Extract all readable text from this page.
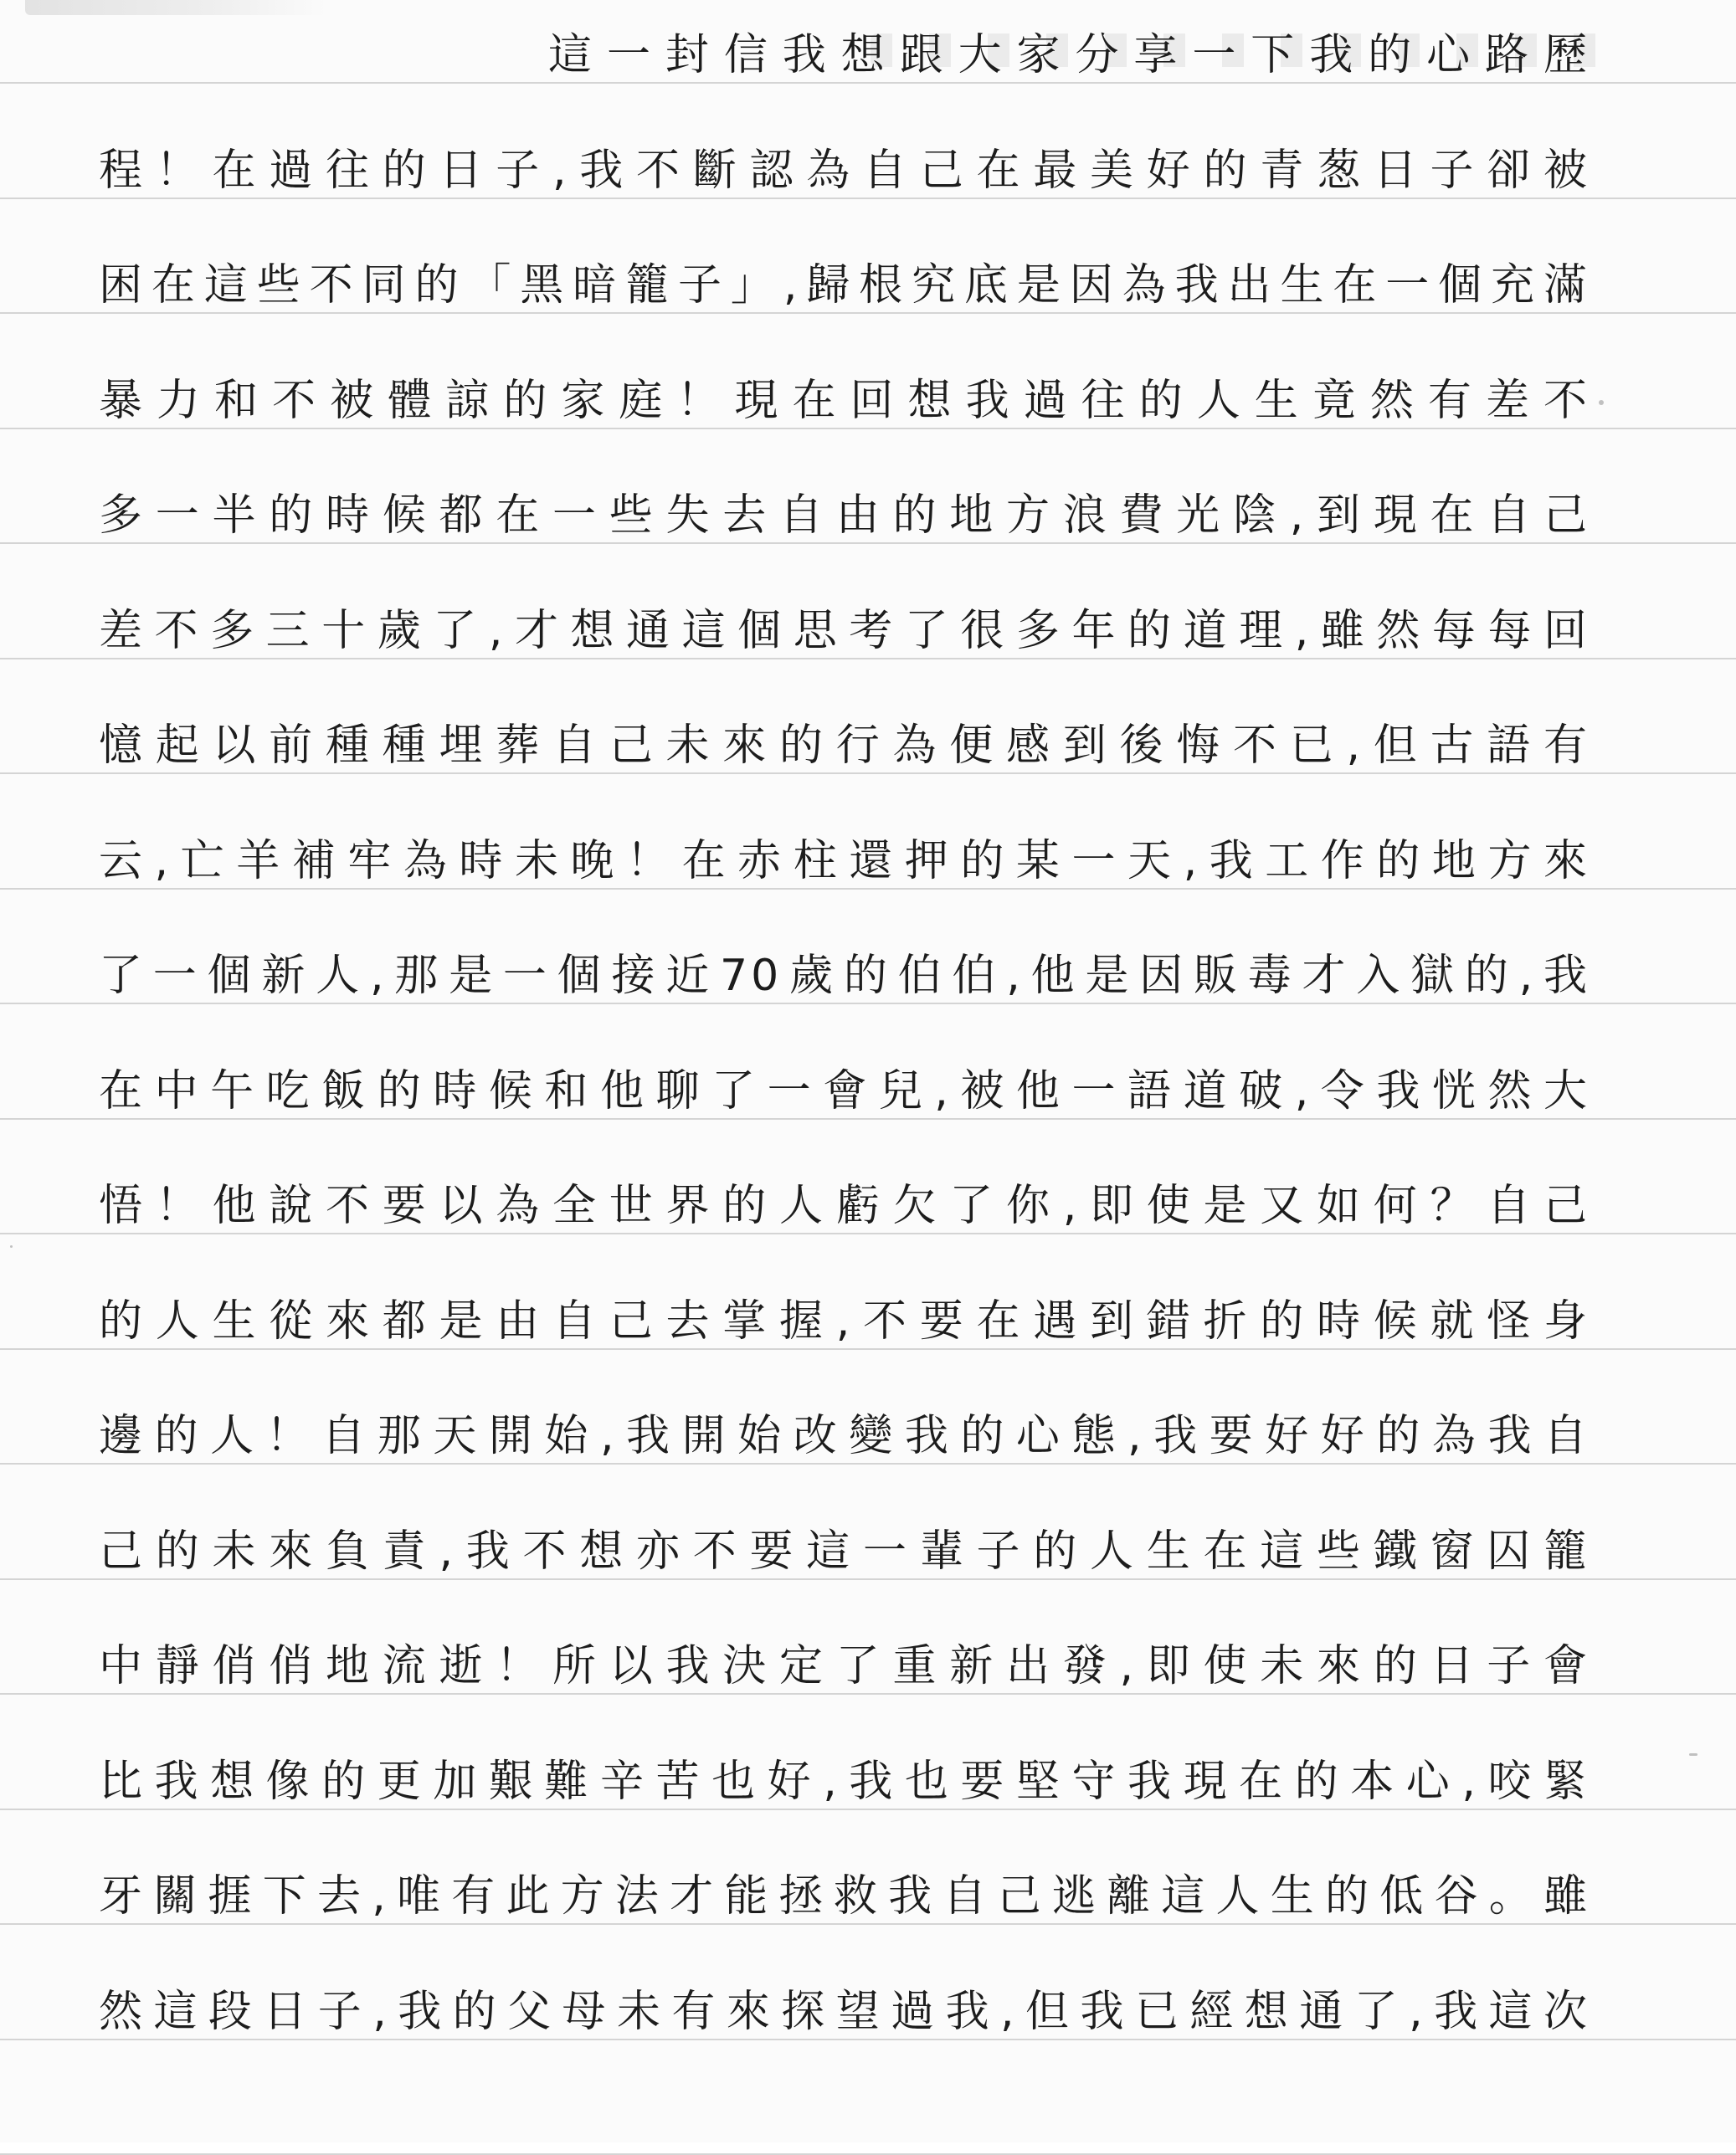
這一封信我想跟大家分享一下我的心路歷
程！在過往的日子,我不斷認為自己在最美好的青葱日子卻被
困在這些不同的「黑暗籠子」,歸根究底是因為我出生在一個充滿
暴力和不被體諒的家庭！現在回想我過往的人生竟然有差不
多一半的時候都在一些失去自由的地方浪費光陰,到現在自己
差不多三十歲了,才想通這個思考了很多年的道理,雖然每每回
憶起以前種種埋葬自己未來的行為便感到後悔不已,但古語有
云,亡羊補牢為時未晚！在赤柱還押的某一天,我工作的地方來
了一個新人,那是一個接近70歲的伯伯,他是因販毒才入獄的,我
在中午吃飯的時候和他聊了一會兒,被他一語道破,令我恍然大
悟！他說不要以為全世界的人虧欠了你,即使是又如何？自己
的人生從來都是由自己去掌握,不要在遇到錯折的時候就怪身
邊的人！自那天開始,我開始改變我的心態,我要好好的為我自
己的未來負責,我不想亦不要這一輩子的人生在這些鐵窗囚籠
中靜俏俏地流逝！所以我決定了重新出發,即使未來的日子會
比我想像的更加艱難辛苦也好,我也要堅守我現在的本心,咬緊
牙關捱下去,唯有此方法才能拯救我自己逃離這人生的低谷。雖
然這段日子,我的父母未有來探望過我,但我已經想通了,我這次
